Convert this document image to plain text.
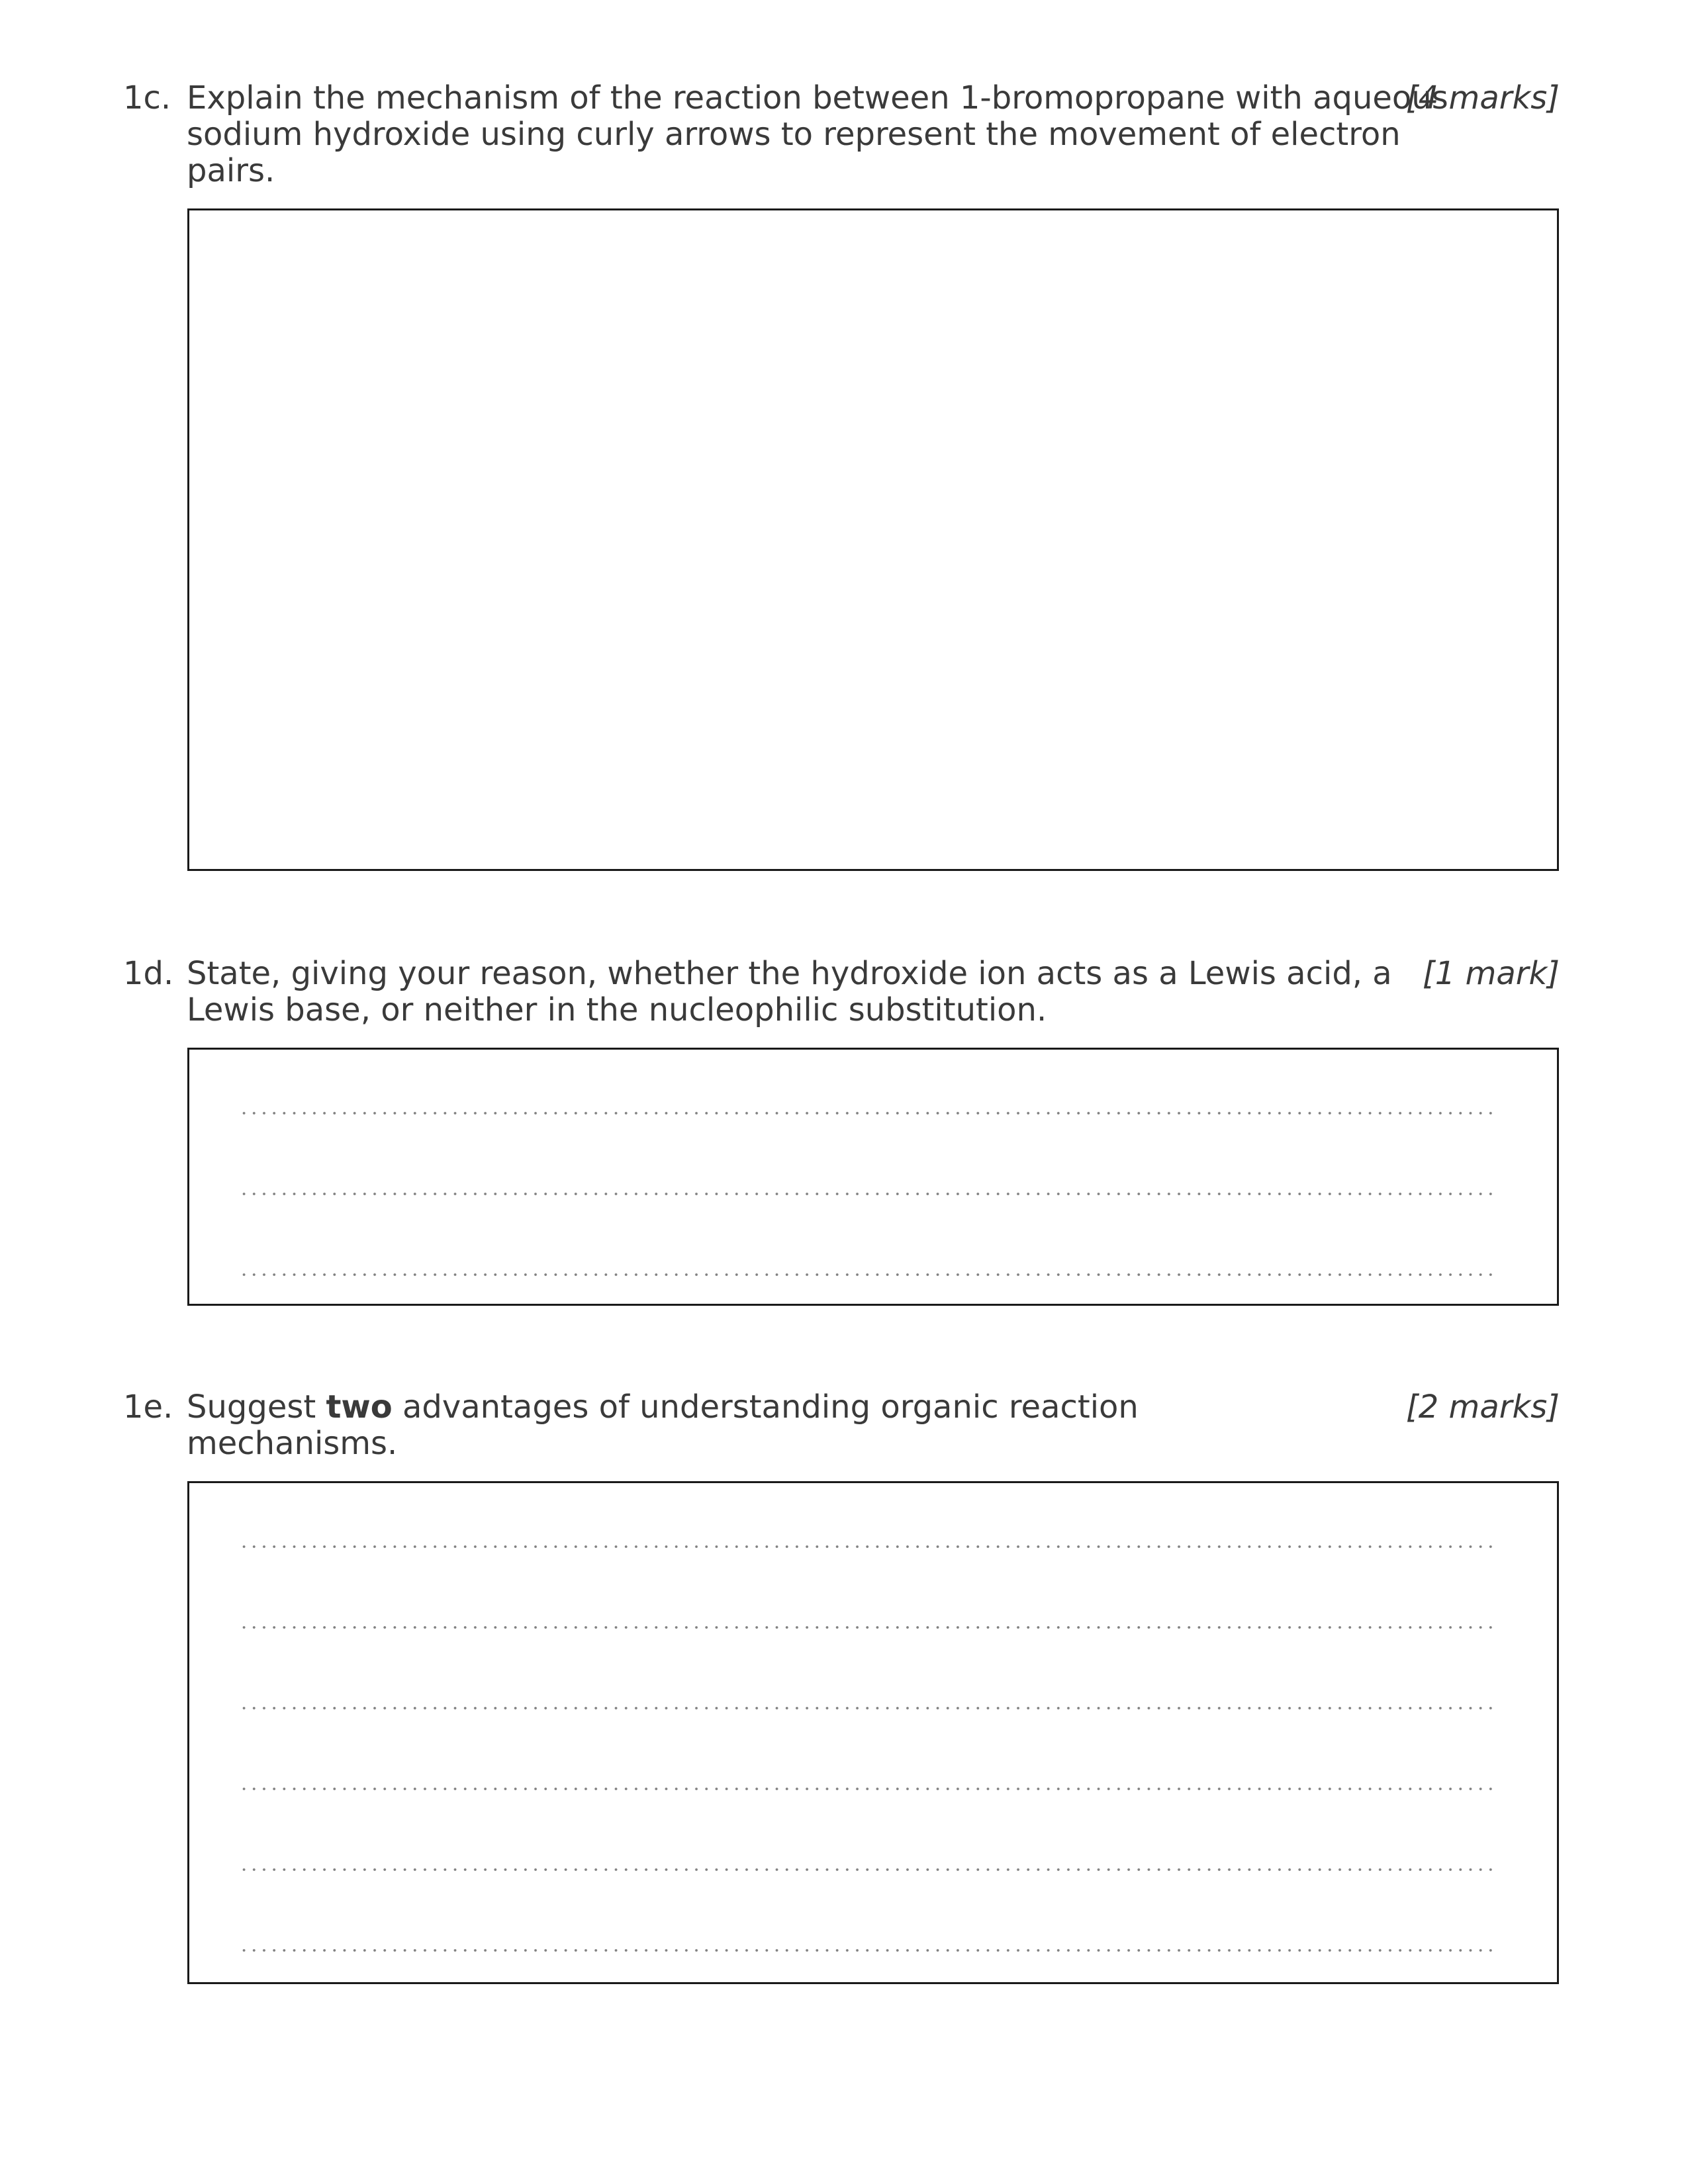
1c. Explain the mechanism of the reaction between 1-bromopropane with aqueous sodium hydroxide using curly arrows to represent the movement of electron pairs.
[4 marks]
1d. State, giving your reason, whether the hydroxide ion acts as a Lewis acid, a Lewis base, or neither in the nucleophilic substitution.
[1 mark]
1e. Suggest two advantages of understanding organic reaction mechanisms.
[2 marks]
